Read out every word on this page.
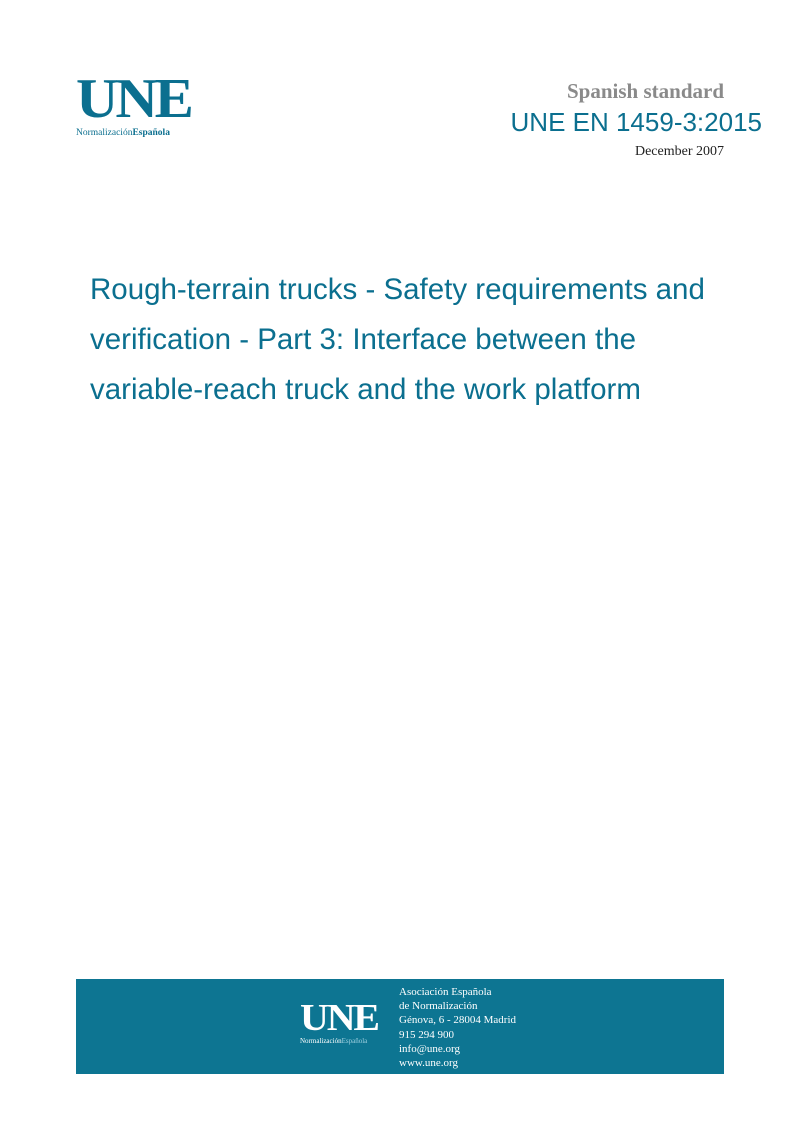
UNE
NormalizaciónEspañola
Spanish standard
UNE EN 1459-3:2015
December 2007
Rough-terrain trucks - Safety requirements and
verification - Part 3: Interface between the
variable-reach truck and the work platform
UNE
NormalizaciónEspañola
Asociación Española
de Normalización
Génova, 6 - 28004 Madrid
915 294 900
info@une.org
www.une.org
